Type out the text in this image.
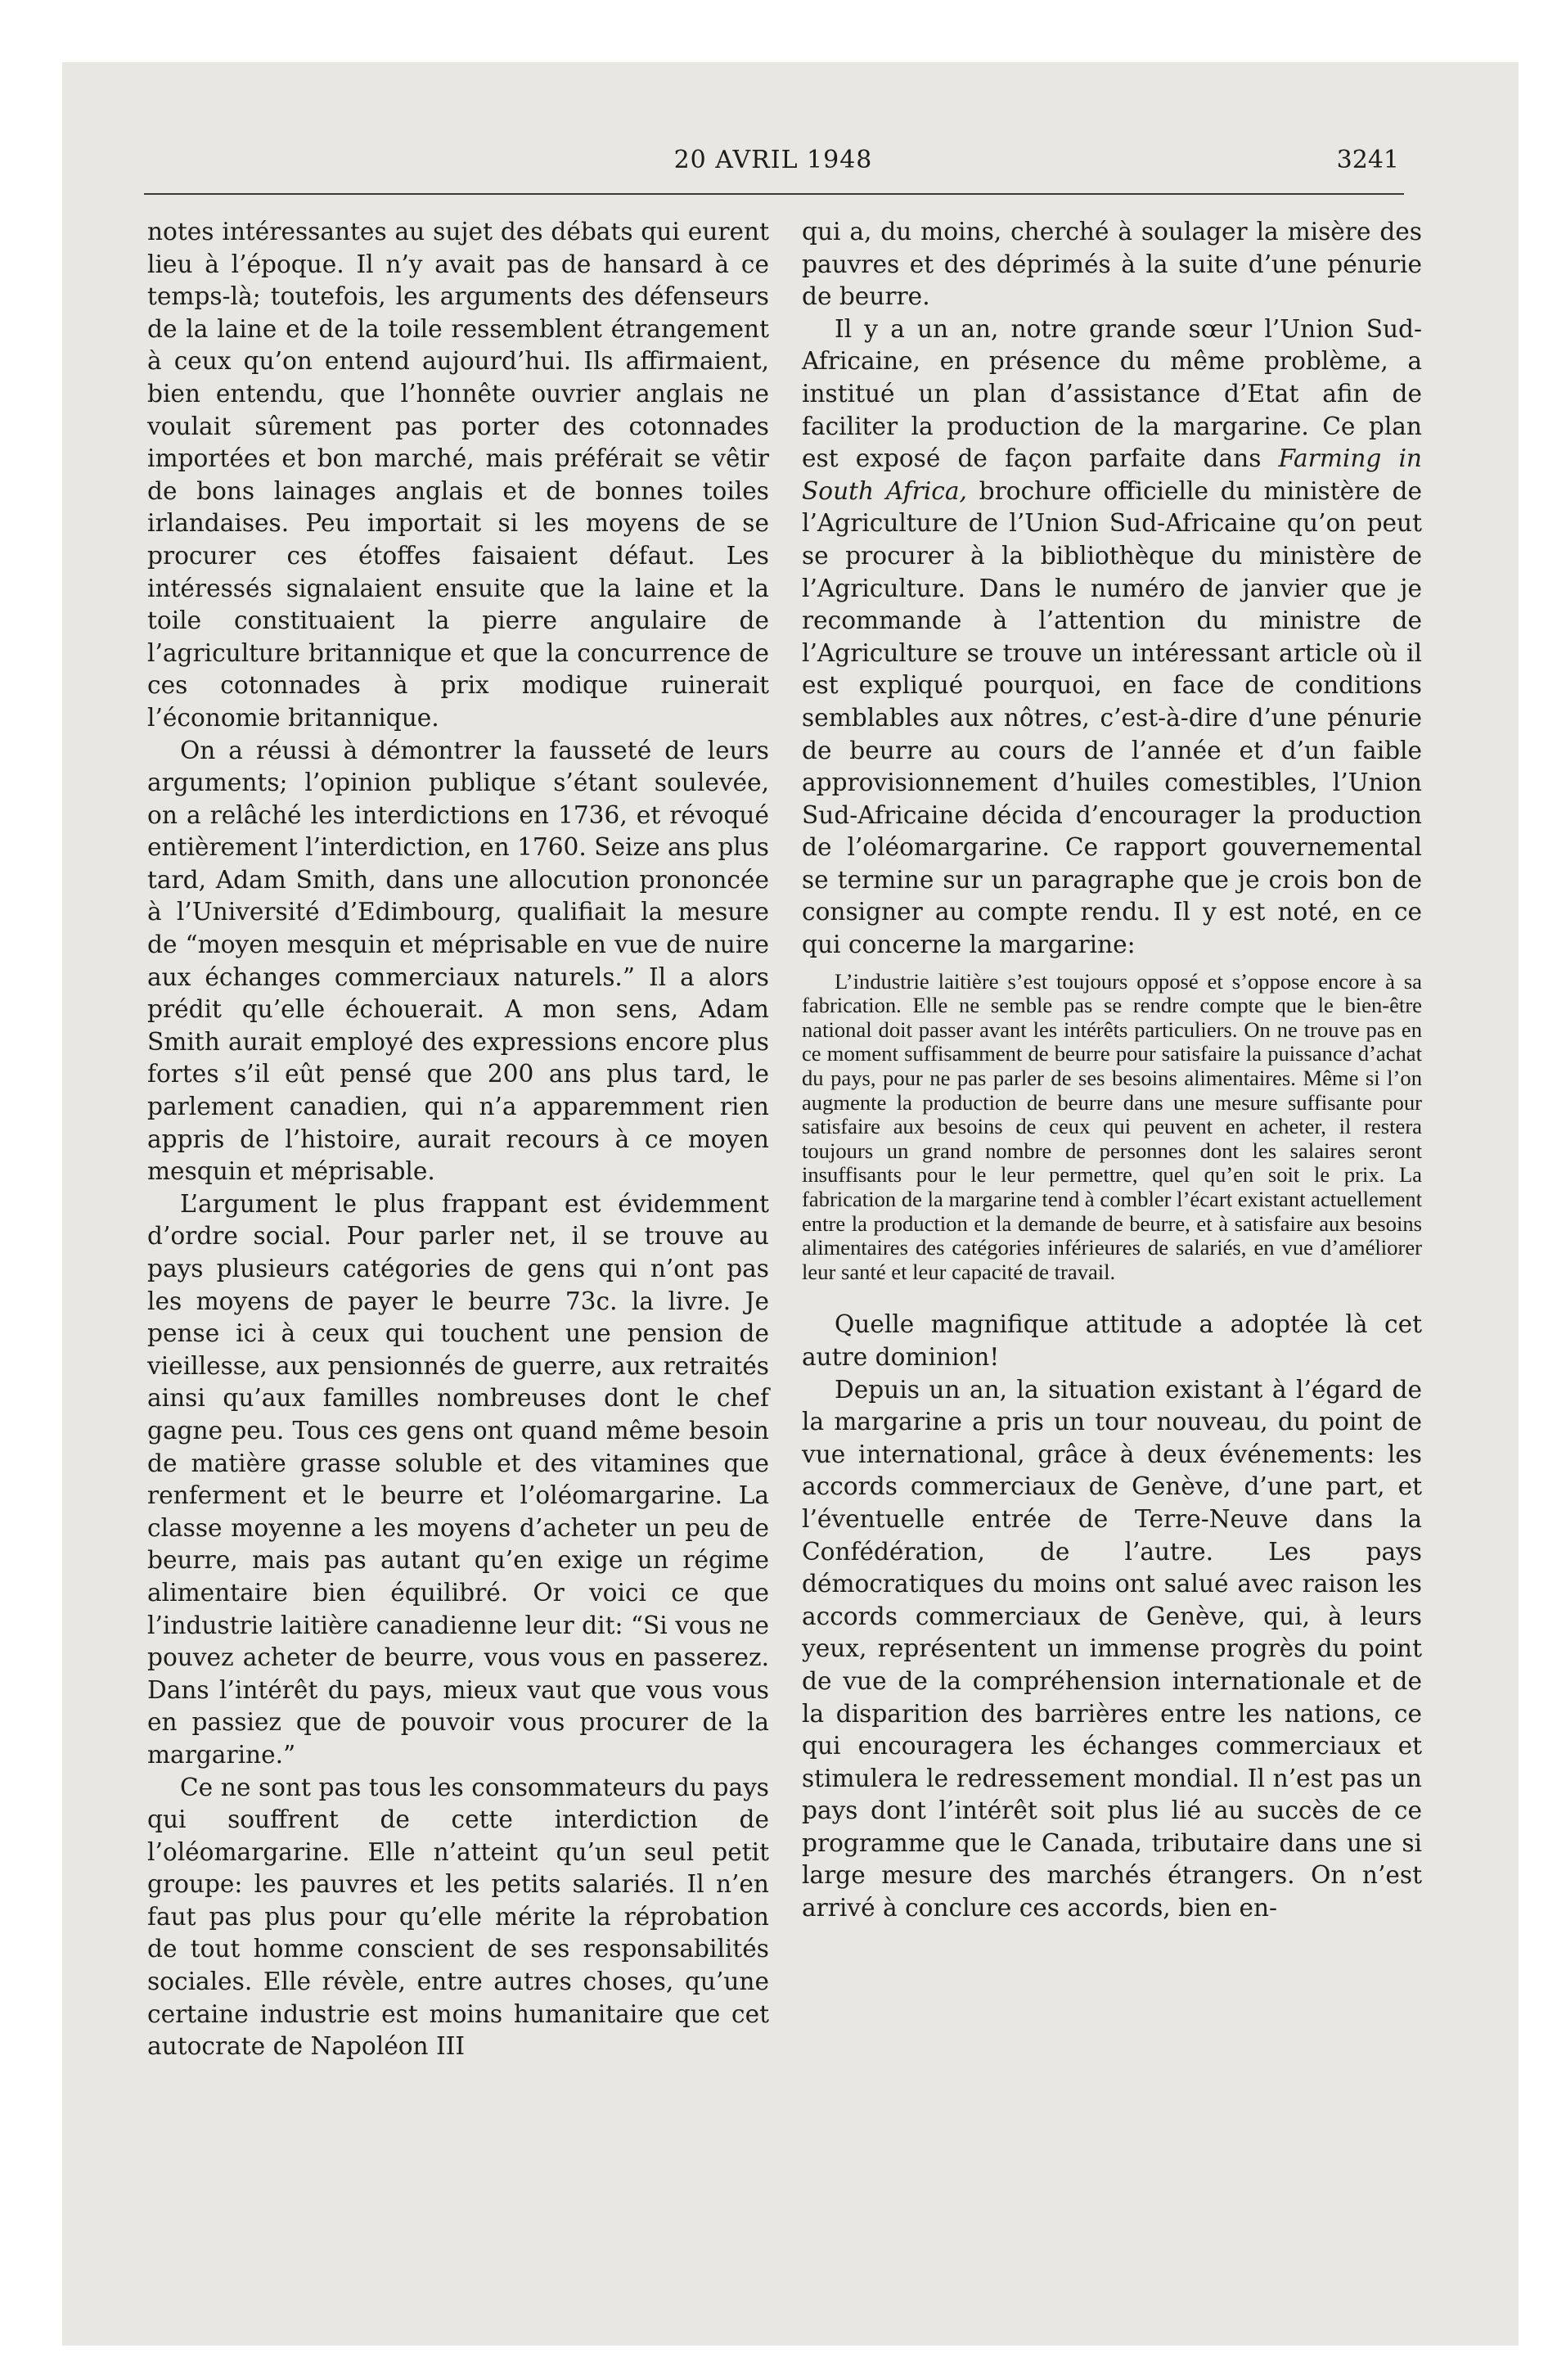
20 AVRIL 1948	3241

notes intéressantes au sujet des débats qui eurent lieu à l’époque. Il n’y avait pas de hansard à ce temps-là; toutefois, les arguments des défenseurs de la laine et de la toile ressemblent étrangement à ceux qu’on entend aujourd’hui. Ils affirmaient, bien entendu, que l’honnête ouvrier anglais ne voulait sûrement pas porter des cotonnades importées et bon marché, mais préférait se vêtir de bons lainages anglais et de bonnes toiles irlandaises. Peu importait si les moyens de se procurer ces étoffes faisaient défaut. Les intéressés signalaient ensuite que la laine et la toile constituaient la pierre angulaire de l’agriculture britannique et que la concurrence de ces cotonnades à prix modique ruinerait l’économie britannique.

On a réussi à démontrer la fausseté de leurs arguments; l’opinion publique s’étant soulevée, on a relâché les interdictions en 1736, et révoqué entièrement l’interdiction, en 1760. Seize ans plus tard, Adam Smith, dans une allocution prononcée à l’Université d’Edimbourg, qualifiait la mesure de “moyen mesquin et méprisable en vue de nuire aux échanges commerciaux naturels.” Il a alors prédit qu’elle échouerait. A mon sens, Adam Smith aurait employé des expressions encore plus fortes s’il eût pensé que 200 ans plus tard, le parlement canadien, qui n’a apparemment rien appris de l’histoire, aurait recours à ce moyen mesquin et méprisable.

L’argument le plus frappant est évidemment d’ordre social. Pour parler net, il se trouve au pays plusieurs catégories de gens qui n’ont pas les moyens de payer le beurre 73c. la livre. Je pense ici à ceux qui touchent une pension de vieillesse, aux pensionnés de guerre, aux retraités ainsi qu’aux familles nombreuses dont le chef gagne peu. Tous ces gens ont quand même besoin de matière grasse soluble et des vitamines que renferment et le beurre et l’oléomargarine. La classe moyenne a les moyens d’acheter un peu de beurre, mais pas autant qu’en exige un régime alimentaire bien équilibré. Or voici ce que l’industrie laitière canadienne leur dit: “Si vous ne pouvez acheter de beurre, vous vous en passerez. Dans l’intérêt du pays, mieux vaut que vous vous en passiez que de pouvoir vous procurer de la margarine.”

Ce ne sont pas tous les consommateurs du pays qui souffrent de cette interdiction de l’oléomargarine. Elle n’atteint qu’un seul petit groupe: les pauvres et les petits salariés. Il n’en faut pas plus pour qu’elle mérite la réprobation de tout homme conscient de ses responsabilités sociales. Elle révèle, entre autres choses, qu’une certaine industrie est moins humanitaire que cet autocrate de Napoléon III

qui a, du moins, cherché à soulager la misère des pauvres et des déprimés à la suite d’une pénurie de beurre.

Il y a un an, notre grande sœur l’Union Sud-Africaine, en présence du même problème, a institué un plan d’assistance d’Etat afin de faciliter la production de la margarine. Ce plan est exposé de façon parfaite dans Farming in South Africa, brochure officielle du ministère de l’Agriculture de l’Union Sud-Africaine qu’on peut se procurer à la bibliothèque du ministère de l’Agriculture. Dans le numéro de janvier que je recommande à l’attention du ministre de l’Agriculture se trouve un intéressant article où il est expliqué pourquoi, en face de conditions semblables aux nôtres, c’est-à-dire d’une pénurie de beurre au cours de l’année et d’un faible approvisionnement d’huiles comestibles, l’Union Sud-Africaine décida d’encourager la production de l’oléomargarine. Ce rapport gouvernemental se termine sur un paragraphe que je crois bon de consigner au compte rendu. Il y est noté, en ce qui concerne la margarine:

L’industrie laitière s’est toujours opposé et s’oppose encore à sa fabrication. Elle ne semble pas se rendre compte que le bien-être national doit passer avant les intérêts particuliers. On ne trouve pas en ce moment suffisamment de beurre pour satisfaire la puissance d’achat du pays, pour ne pas parler de ses besoins alimentaires. Même si l’on augmente la production de beurre dans une mesure suffisante pour satisfaire aux besoins de ceux qui peuvent en acheter, il restera toujours un grand nombre de personnes dont les salaires seront insuffisants pour le leur permettre, quel qu’en soit le prix. La fabrication de la margarine tend à combler l’écart existant actuellement entre la production et la demande de beurre, et à satisfaire aux besoins alimentaires des catégories inférieures de salariés, en vue d’améliorer leur santé et leur capacité de travail.

Quelle magnifique attitude a adoptée là cet autre dominion!

Depuis un an, la situation existant à l’égard de la margarine a pris un tour nouveau, du point de vue international, grâce à deux événements: les accords commerciaux de Genève, d’une part, et l’éventuelle entrée de Terre-Neuve dans la Confédération, de l’autre. Les pays démocratiques du moins ont salué avec raison les accords commerciaux de Genève, qui, à leurs yeux, représentent un immense progrès du point de vue de la compréhension internationale et de la disparition des barrières entre les nations, ce qui encouragera les échanges commerciaux et stimulera le redressement mondial. Il n’est pas un pays dont l’intérêt soit plus lié au succès de ce programme que le Canada, tributaire dans une si large mesure des marchés étrangers. On n’est arrivé à conclure ces accords, bien en-
